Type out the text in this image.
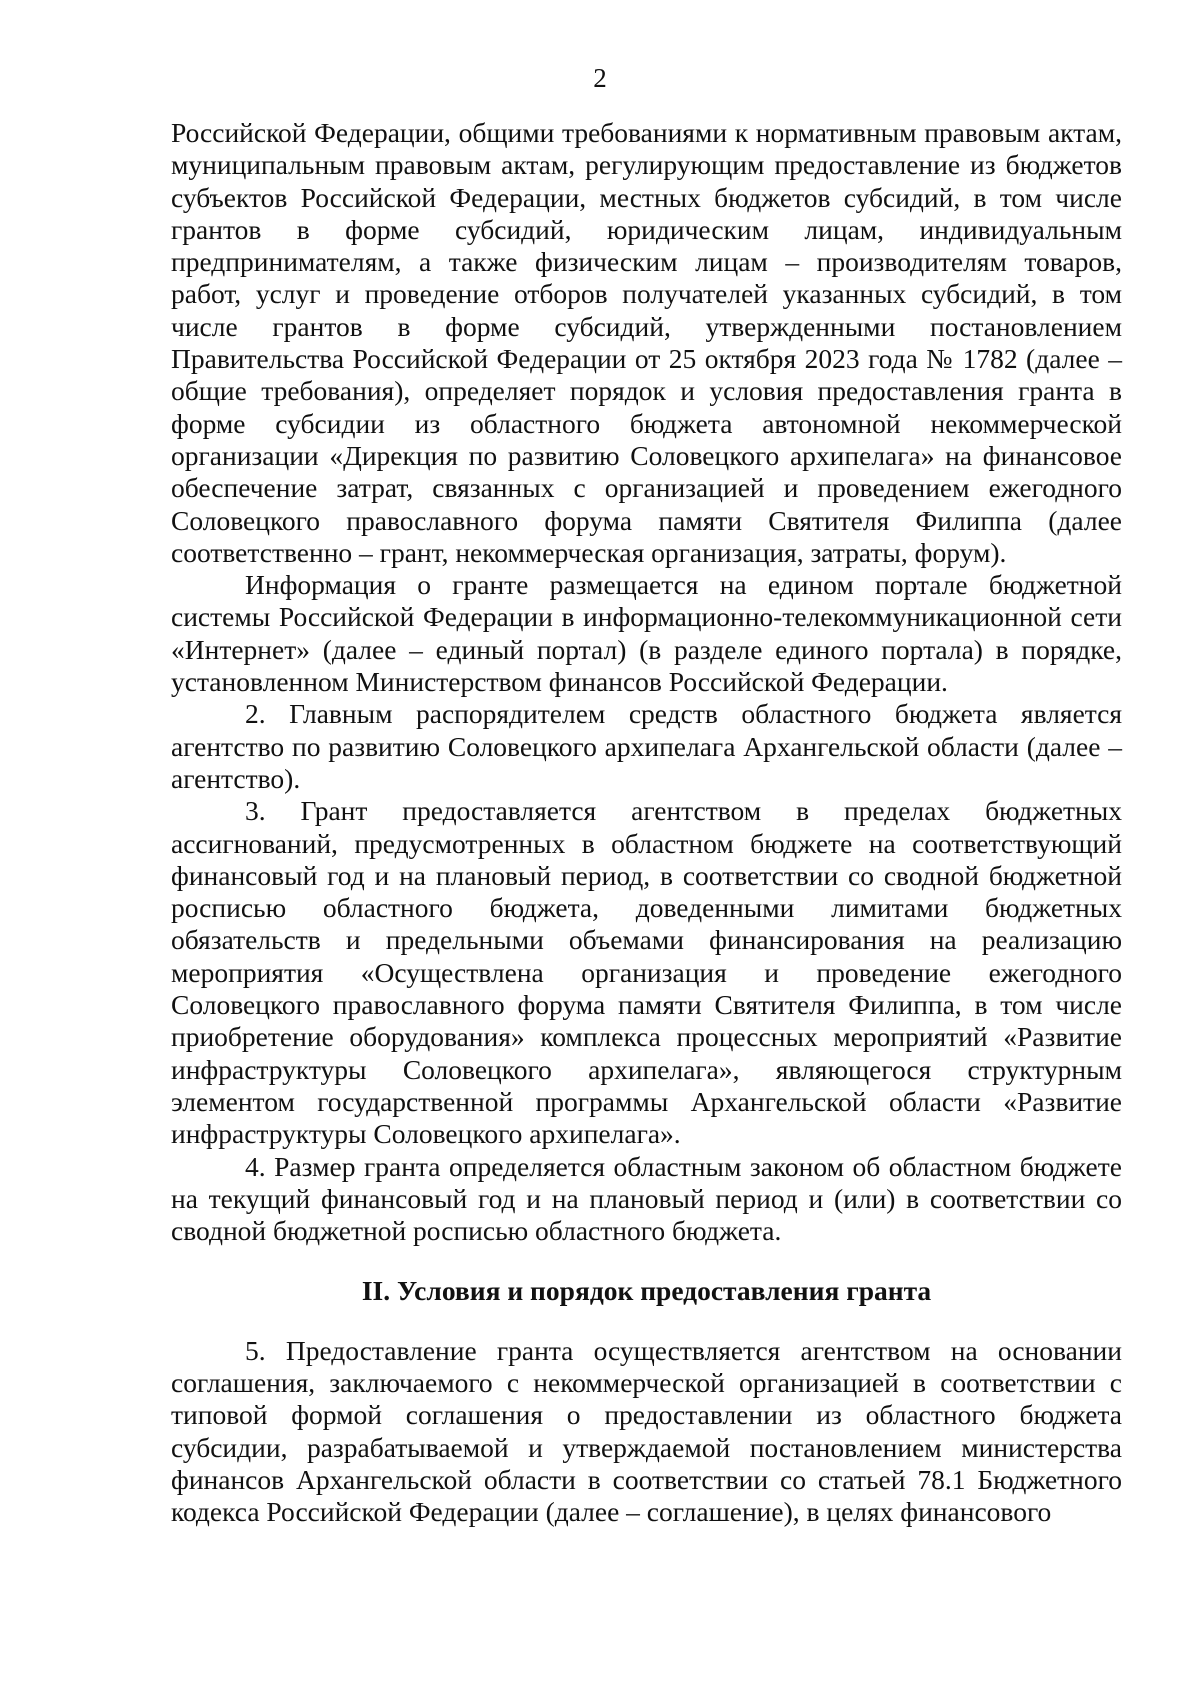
2

Российской Федерации, общими требованиями к нормативным правовым актам, муниципальным правовым актам, регулирующим предоставление из бюджетов субъектов Российской Федерации, местных бюджетов субсидий, в том числе грантов в форме субсидий, юридическим лицам, индивидуальным предпринимателям, а также физическим лицам – производителям товаров, работ, услуг и проведение отборов получателей указанных субсидий, в том числе грантов в форме субсидий, утвержденными постановлением Правительства Российской Федерации от 25 октября 2023 года № 1782 (далее – общие требования), определяет порядок и условия предоставления гранта в форме субсидии из областного бюджета автономной некоммерческой организации «Дирекция по развитию Соловецкого архипелага» на финансовое обеспечение затрат, связанных с организацией и проведением ежегодного Соловецкого православного форума памяти Святителя Филиппа (далее соответственно – грант, некоммерческая организация, затраты, форум).

Информация о гранте размещается на едином портале бюджетной системы Российской Федерации в информационно-телекоммуникационной сети «Интернет» (далее – единый портал) (в разделе единого портала) в порядке, установленном Министерством финансов Российской Федерации.

2. Главным распорядителем средств областного бюджета является агентство по развитию Соловецкого архипелага Архангельской области (далее – агентство).

3. Грант предоставляется агентством в пределах бюджетных ассигнований, предусмотренных в областном бюджете на соответствующий финансовый год и на плановый период, в соответствии со сводной бюджетной росписью областного бюджета, доведенными лимитами бюджетных обязательств и предельными объемами финансирования на реализацию мероприятия «Осуществлена организация и проведение ежегодного Соловецкого православного форума памяти Святителя Филиппа, в том числе приобретение оборудования» комплекса процессных мероприятий «Развитие инфраструктуры Соловецкого архипелага», являющегося структурным элементом государственной программы Архангельской области «Развитие инфраструктуры Соловецкого архипелага».

4. Размер гранта определяется областным законом об областном бюджете на текущий финансовый год и на плановый период и (или) в соответствии со сводной бюджетной росписью областного бюджета.

II. Условия и порядок предоставления гранта

5. Предоставление гранта осуществляется агентством на основании соглашения, заключаемого с некоммерческой организацией в соответствии с типовой формой соглашения о предоставлении из областного бюджета субсидии, разрабатываемой и утверждаемой постановлением министерства финансов Архангельской области в соответствии со статьей 78.1 Бюджетного кодекса Российской Федерации (далее – соглашение), в целях финансового
